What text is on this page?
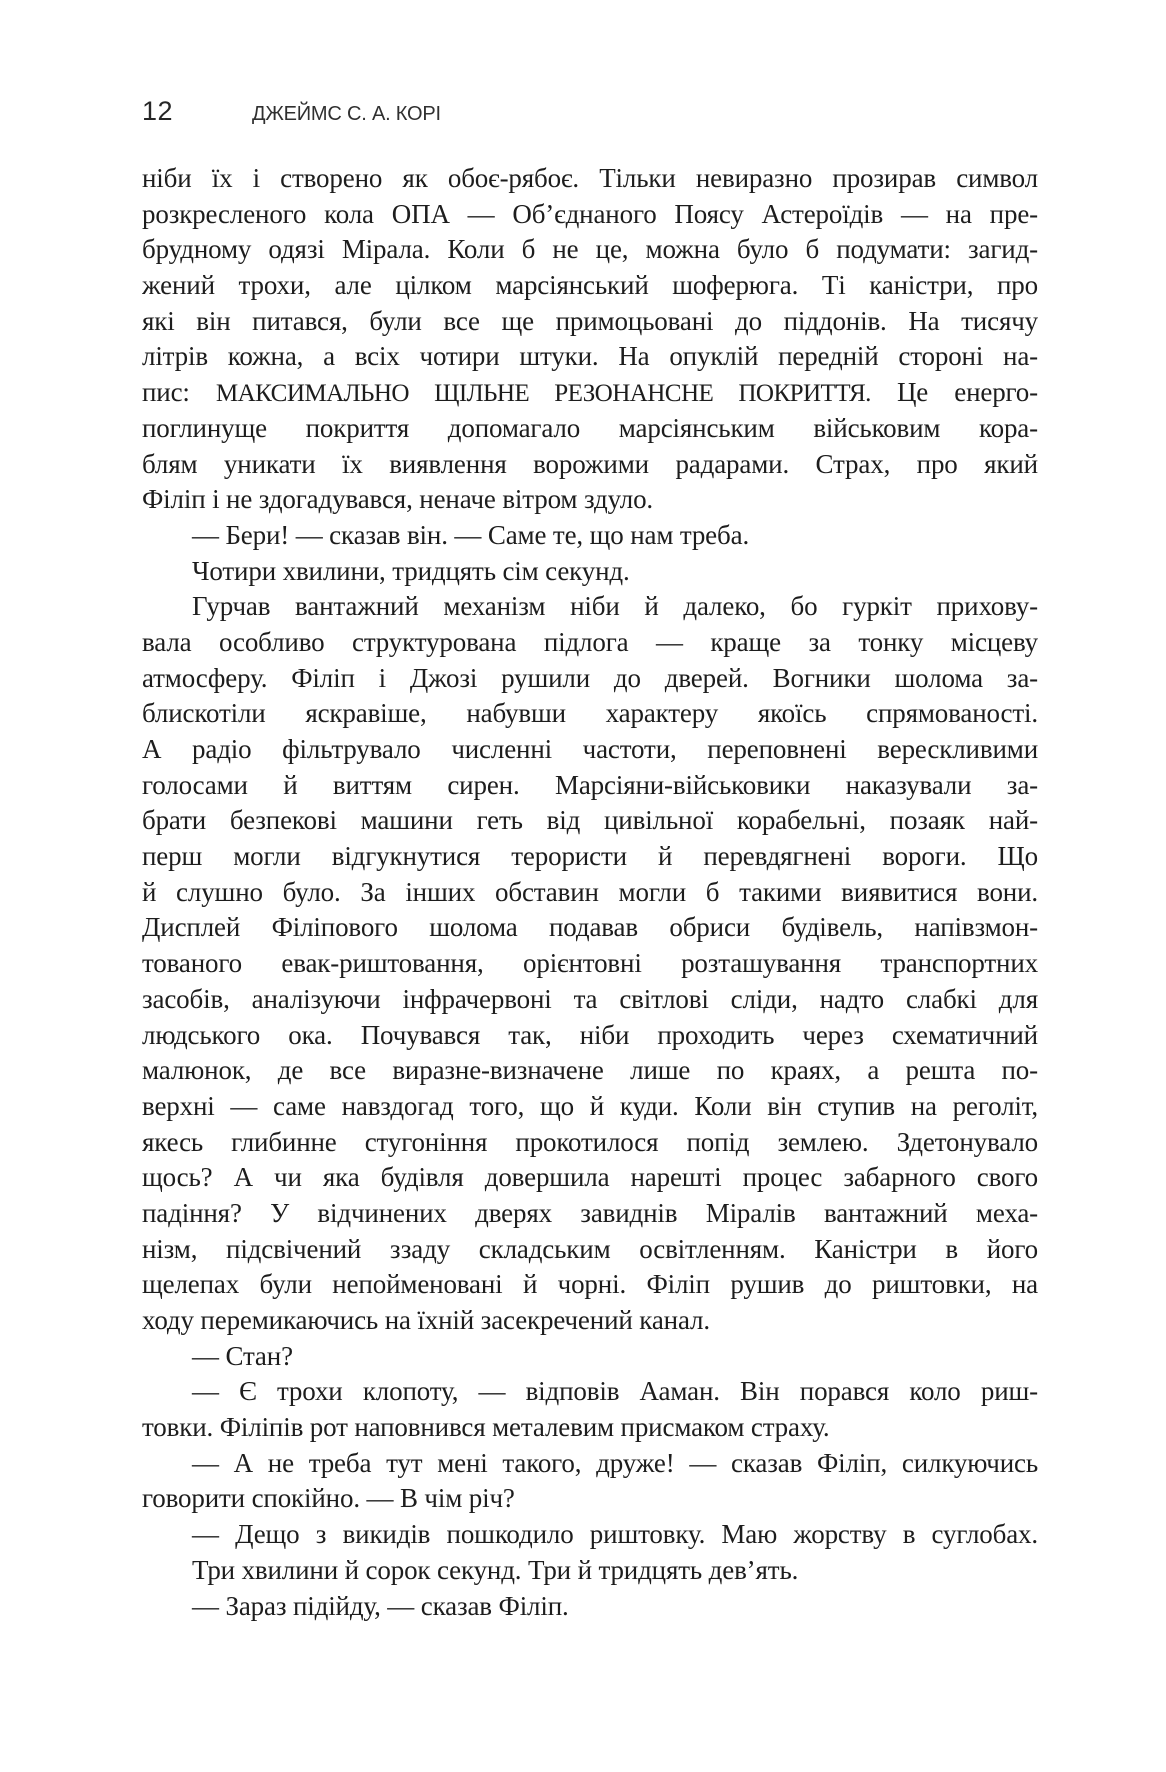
12	ДЖЕЙМС С. А. КОРІ
ніби їх і створено як обоє-рябоє. Тільки невиразно прозирав символ
розкресленого кола ОПА — Об’єднаного Поясу Астероїдів — на пре-
брудному одязі Мірала. Коли б не це, можна було б подумати: загид-
жений трохи, але цілком марсіянський шоферюга. Ті каністри, про
які він питався, були все ще примоцьовані до піддонів. На тисячу
літрів кожна, а всіх чотири штуки. На опуклій передній стороні на-
пис: МАКСИМАЛЬНО ЩІЛЬНЕ РЕЗОНАНСНЕ ПОКРИТТЯ. Це енерго-
поглинуще покриття допомагало марсіянським військовим кора-
блям уникати їх виявлення ворожими радарами. Страх, про який
Філіп і не здогадувався, неначе вітром здуло.
— Бери! — сказав він. — Саме те, що нам треба.
Чотири хвилини, тридцять сім секунд.
Гурчав вантажний механізм ніби й далеко, бо гуркіт прихову-
вала особливо структурована підлога — краще за тонку місцеву
атмосферу. Філіп і Джозі рушили до дверей. Вогники шолома за-
блискотіли яскравіше, набувши характеру якоїсь спрямованості.
А радіо фільтрувало численні частоти, переповнені верескливими
голосами й виттям сирен. Марсіяни-військовики наказували за-
брати безпекові машини геть від цивільної корабельні, позаяк най-
перш могли відгукнутися терористи й перевдягнені вороги. Що
й слушно було. За інших обставин могли б такими виявитися вони.
Дисплей Філіпового шолома подавав обриси будівель, напівзмон-
тованого евак-риштовання, орієнтовні розташування транспортних
засобів, аналізуючи інфрачервоні та світлові сліди, надто слабкі для
людського ока. Почувався так, ніби проходить через схематичний
малюнок, де все виразне-визначене лише по краях, а решта по-
верхні — саме навздогад того, що й куди. Коли він ступив на реголіт,
якесь глибинне стугоніння прокотилося попід землею. Здетонувало
щось? А чи яка будівля довершила нарешті процес забарного свого
падіння? У відчинених дверях завиднів Міралів вантажний меха-
нізм, підсвічений ззаду складським освітленням. Каністри в його
щелепах були непойменовані й чорні. Філіп рушив до риштовки, на
ходу перемикаючись на їхній засекречений канал.
— Стан?
— Є трохи клопоту, — відповів Ааман. Він порався коло риш-
товки. Філіпів рот наповнився металевим присмаком страху.
— А не треба тут мені такого, друже! — сказав Філіп, силкуючись
говорити спокійно. — В чім річ?
— Дещо з викидів пошкодило риштовку. Маю жорству в суглобах.
Три хвилини й сорок секунд. Три й тридцять дев’ять.
— Зараз підійду, — сказав Філіп.
